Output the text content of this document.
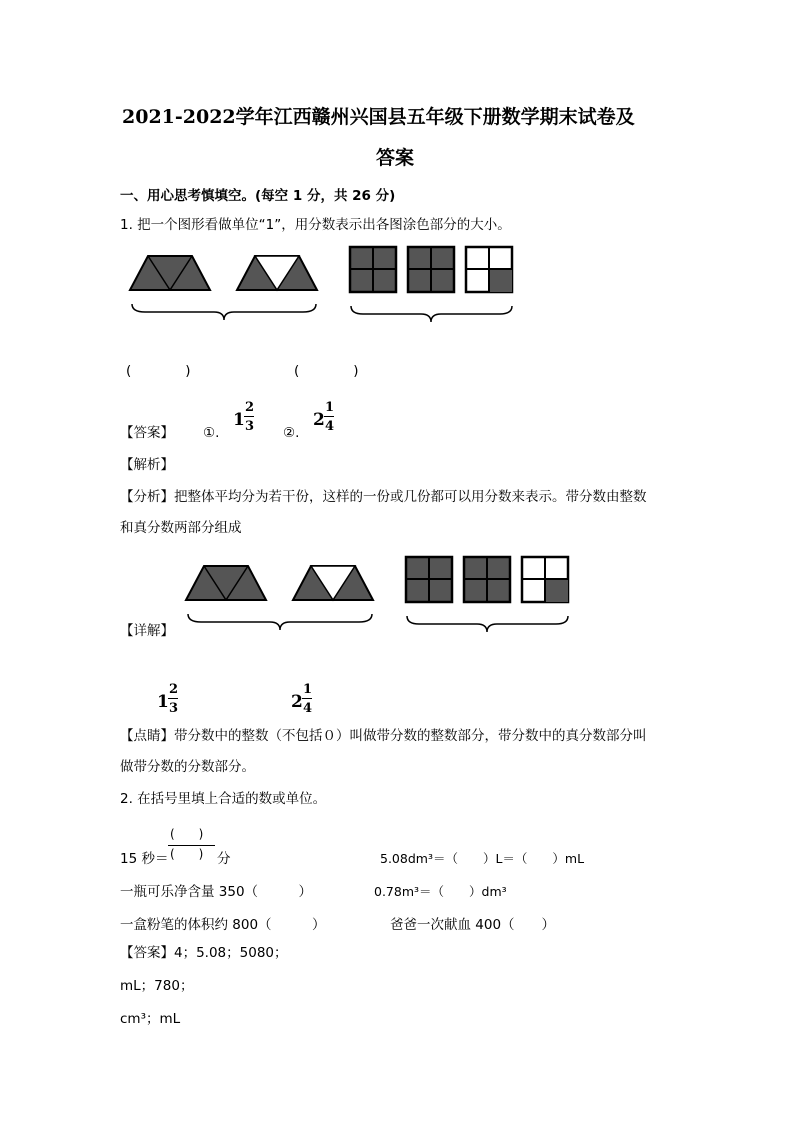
2021-2022学年江西赣州兴国县五年级下册数学期末试卷及
答案
一、用心思考慎填空。(每空 1 分，共 26 分)
1. 把一个图形看做单位“1”，用分数表示出各图涂色部分的大小。
(　　　　)	(　　　　)
【答案】 ①.
1
2
3 ②.
2
1
4
【解析】
【分析】把整体平均分为若干份，这样的一份或几份都可以用分数来表示。带分数由整数
和真分数两部分组成
【详解】
1
2
3	2
1
4
【点睛】带分数中的整数（不包括０）叫做带分数的整数部分，带分数中的真分数部分叫
做带分数的分数部分。
2. 在括号里填上合适的数或单位。
(　　)
(　　)
15 秒＝	分	5.08dm³＝（　　）L＝（　　）mL
一瓶可乐净含量 350（　　　）	0.78m³＝（　　）dm³
一盒粉笔的体积约 800（　　　）	爸爸一次献血 400（　　）
【答案】4；5.08；5080；
mL；780；
cm³；mL
